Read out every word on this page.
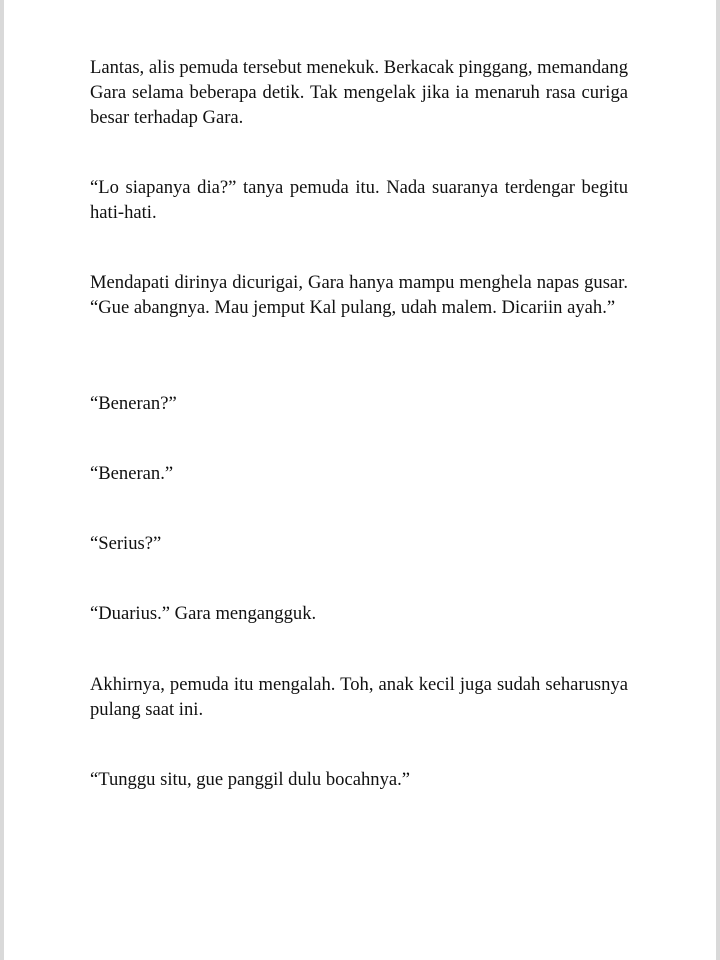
Lantas, alis pemuda tersebut menekuk. Berkacak pinggang, memandang Gara selama beberapa detik. Tak mengelak jika ia menaruh rasa curiga besar terhadap Gara.

“Lo siapanya dia?” tanya pemuda itu. Nada suaranya terdengar begitu hati-hati.

Mendapati dirinya dicurigai, Gara hanya mampu menghela napas gusar. “Gue abangnya. Mau jemput Kal pulang, udah malem. Dicariin ayah.”

“Beneran?”

“Beneran.”

“Serius?”

“Duarius.” Gara mengangguk.

Akhirnya, pemuda itu mengalah. Toh, anak kecil juga sudah seharusnya pulang saat ini.

“Tunggu situ, gue panggil dulu bocahnya.”
